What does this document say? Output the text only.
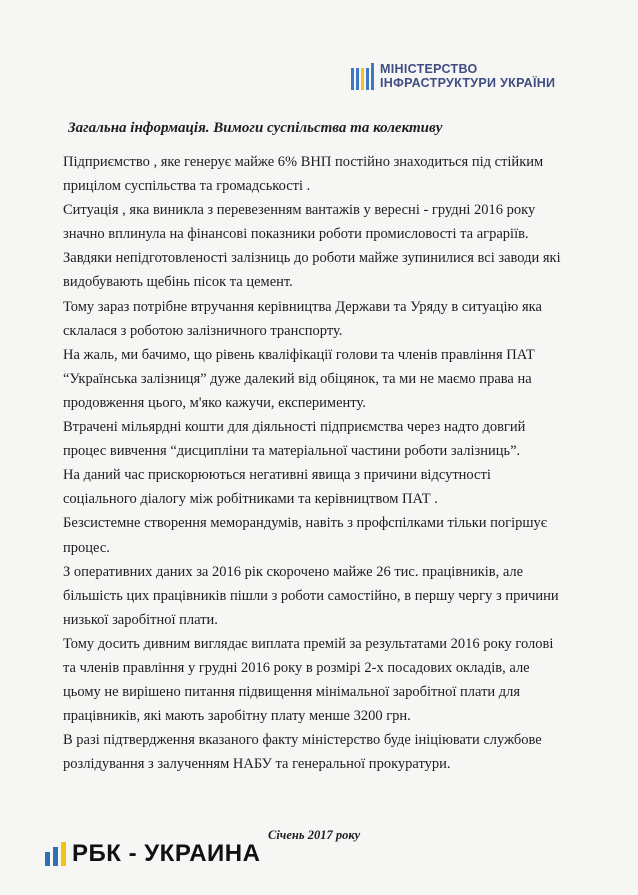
МІНІСТЕРСТВО
ІНФРАСТРУКТУРИ УКРАЇНИ
Загальна інформація. Вимоги суспільства та колективу

Підприємство , яке генерує майже 6% ВНП постійно знаходиться під стійким прицілом суспільства та громадськості .

Ситуація , яка виникла з перевезенням вантажів у вересні - грудні 2016 року значно вплинула на фінансові показники роботи промисловості та аграріїв.

Завдяки непідготовленості залізниць до роботи майже зупинилися всі заводи які видобувають щебінь пісок та цемент.

Тому зараз потрібне втручання керівництва Держави та Уряду в ситуацію яка склалася з роботою залізничного транспорту.

На жаль, ми бачимо, що рівень кваліфікації голови та членів правління ПАТ “Українська залізниця” дуже далекий від обіцянок, та ми не маємо права на продовження цього, м'яко кажучи, експерименту.

Втрачені мільярдні кошти для діяльності підприємства через надто довгий процес вивчення “дисципліни та матеріальної частини роботи залізниць”.

На даний час прискорюються негативні явища з причини відсутності соціального діалогу між робітниками та керівництвом ПАТ .

Безсистемне створення меморандумів, навіть з профспілками тільки погіршує процес.

З оперативних даних за 2016 рік скорочено майже 26 тис. працівників, але більшість цих працівників пішли з роботи самостійно, в першу чергу з причини низької заробітної плати.

Тому досить дивним виглядає виплата премій за результатами 2016 року голові та членів правління у грудні 2016 року в розмірі 2-х посадових окладів, але цьому не вирішено питання підвищення мінімальної заробітної плати для працівників, які мають заробітну плату менше 3200 грн.

В разі підтвердження вказаного факту міністерство буде ініціювати службове розлідування з залученням НАБУ та генеральної прокуратури.

Січень 2017 року
РБК - УКРАИНА
